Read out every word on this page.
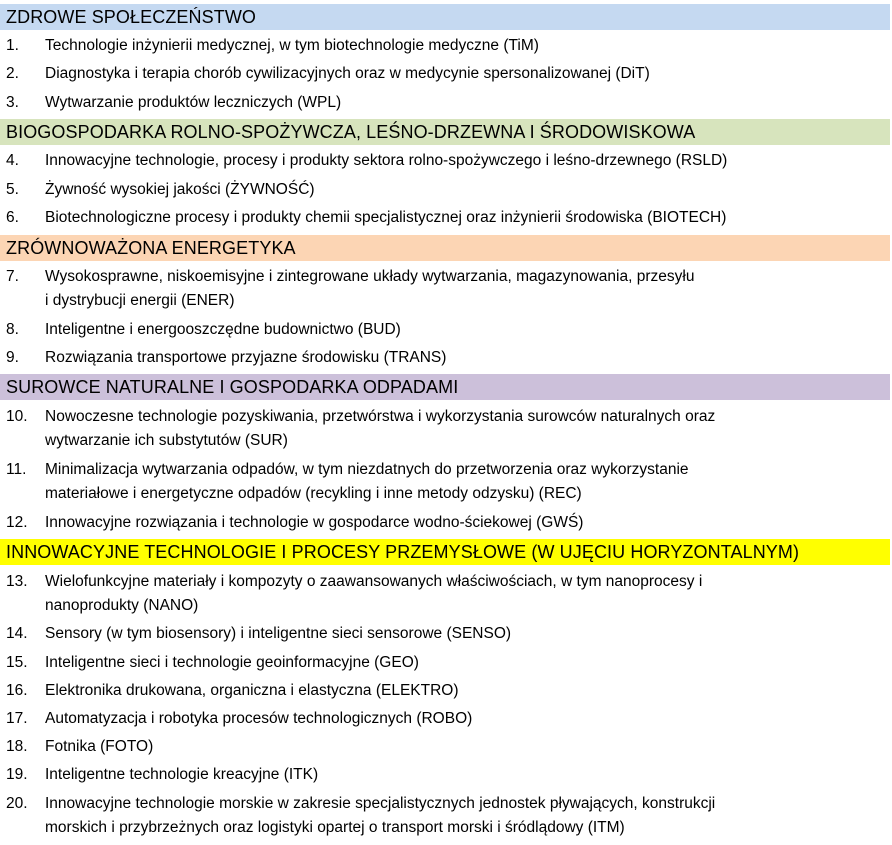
ZDROWE SPOŁECZEŃSTWO
1. Technologie inżynierii medycznej, w tym biotechnologie medyczne (TiM)
2. Diagnostyka i terapia chorób cywilizacyjnych oraz w medycynie spersonalizowanej (DiT)
3. Wytwarzanie produktów leczniczych (WPL)
BIOGOSPODARKA ROLNO-SPOŻYWCZA, LEŚNO-DRZEWNA I ŚRODOWISKOWA
4. Innowacyjne technologie, procesy i produkty sektora rolno-spożywczego i leśno-drzewnego (RSLD)
5. Żywność wysokiej jakości (ŻYWNOŚĆ)
6. Biotechnologiczne procesy i produkty chemii specjalistycznej oraz inżynierii środowiska (BIOTECH)
ZRÓWNOWAŻONA ENERGETYKA
7. Wysokosprawne, niskoemisyjne i zintegrowane układy wytwarzania, magazynowania, przesyłu
i dystrybucji energii (ENER)
8. Inteligentne i energooszczędne budownictwo (BUD)
9. Rozwiązania transportowe przyjazne środowisku (TRANS)
SUROWCE NATURALNE I GOSPODARKA ODPADAMI
10. Nowoczesne technologie pozyskiwania, przetwórstwa i wykorzystania surowców naturalnych oraz
wytwarzanie ich substytutów (SUR)
11. Minimalizacja wytwarzania odpadów, w tym niezdatnych do przetworzenia oraz wykorzystanie
materiałowe i energetyczne odpadów (recykling i inne metody odzysku) (REC)
12. Innowacyjne rozwiązania i technologie w gospodarce wodno-ściekowej (GWŚ)
INNOWACYJNE TECHNOLOGIE I PROCESY PRZEMYSŁOWE (W UJĘCIU HORYZONTALNYM)
13. Wielofunkcyjne materiały i kompozyty o zaawansowanych właściwościach, w tym nanoprocesy i
nanoprodukty (NANO)
14. Sensory (w tym biosensory) i inteligentne sieci sensorowe (SENSO)
15. Inteligentne sieci i technologie geoinformacyjne (GEO)
16. Elektronika drukowana, organiczna i elastyczna (ELEKTRO)
17. Automatyzacja i robotyka procesów technologicznych (ROBO)
18. Fotnika (FOTO)
19. Inteligentne technologie kreacyjne (ITK)
20. Innowacyjne technologie morskie w zakresie specjalistycznych jednostek pływających, konstrukcji
morskich i przybrzeżnych oraz logistyki opartej o transport morski i śródlądowy (ITM)
